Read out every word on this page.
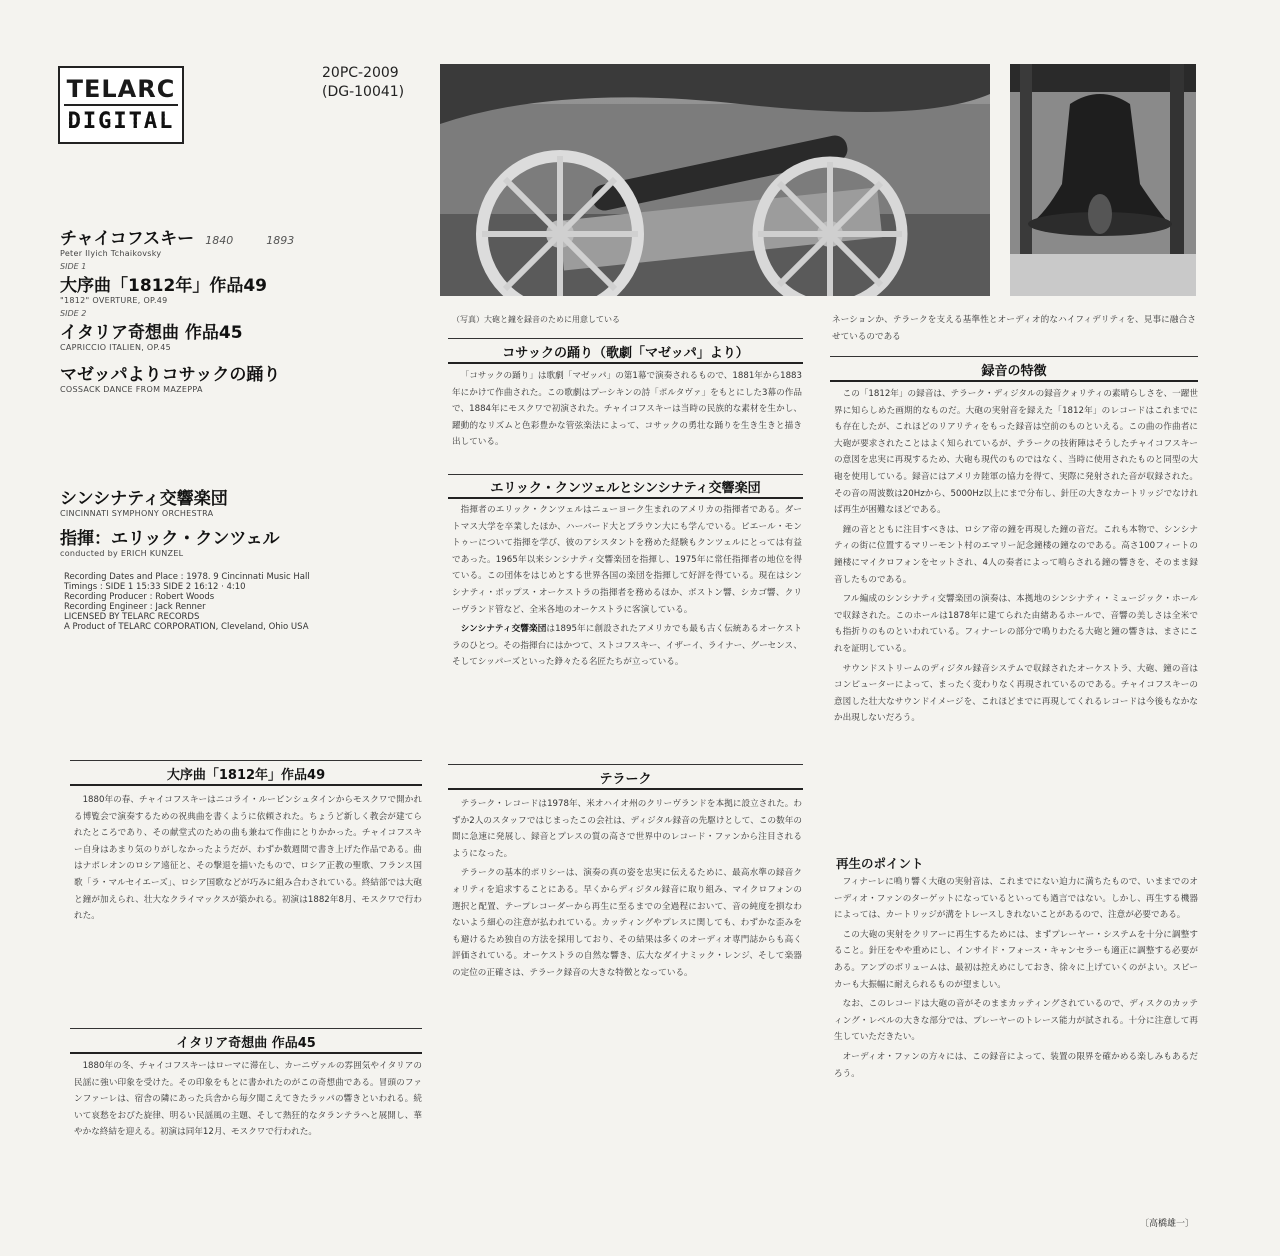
TELARC
DIGITAL
20PC-2009
(DG-10041)
チャイコフスキー 1840　　　1893
Peter Ilyich Tchaikovsky
SIDE 1
大序曲「1812年」作品49
"1812" OVERTURE, OP.49
SIDE 2
イタリア奇想曲 作品45
CAPRICCIO ITALIEN, OP.45
マゼッパよりコサックの踊り
COSSACK DANCE FROM MAZEPPA
シンシナティ交響楽団
CINCINNATI SYMPHONY ORCHESTRA
指揮：エリック・クンツェル
conducted by ERICH KUNZEL
Recording Dates and Place : 1978. 9 Cincinnati Music Hall
Timings : SIDE 1 15:33 SIDE 2 16:12 · 4:10
Recording Producer : Robert Woods
Recording Engineer : Jack Renner
LICENSED BY TELARC RECORDS
A Product of TELARC CORPORATION, Cleveland, Ohio USA
大序曲「1812年」作品49

1880年の春、チャイコフスキーはニコライ・ルービンシュタインからモスクワで開かれる博覧会で演奏するための祝典曲を書くように依頼された。ちょうど新しく教会が建てられたところであり、その献堂式のための曲も兼ねて作曲にとりかかった。チャイコフスキー自身はあまり気のりがしなかったようだが、わずか数週間で書き上げた作品である。曲はナポレオンのロシア遠征と、その撃退を描いたもので、ロシア正教の聖歌、フランス国歌「ラ・マルセイエーズ」、ロシア国歌などが巧みに組み合わされている。終結部では大砲と鐘が加えられ、壮大なクライマックスが築かれる。初演は1882年8月、モスクワで行われた。

イタリア奇想曲 作品45

1880年の冬、チャイコフスキーはローマに滞在し、カーニヴァルの雰囲気やイタリアの民謡に強い印象を受けた。その印象をもとに書かれたのがこの奇想曲である。冒頭のファンファーレは、宿舎の隣にあった兵舎から毎夕聞こえてきたラッパの響きといわれる。続いて哀愁をおびた旋律、明るい民謡風の主題、そして熱狂的なタランテラへと展開し、華やかな終結を迎える。初演は同年12月、モスクワで行われた。

（写真）大砲と鐘を録音のために用意している
コサックの踊り（歌劇「マゼッパ」より）

「コサックの踊り」は歌劇「マゼッパ」の第1幕で演奏されるもので、1881年から1883年にかけて作曲された。この歌劇はプーシキンの詩「ポルタヴァ」をもとにした3幕の作品で、1884年にモスクワで初演された。チャイコフスキーは当時の民族的な素材を生かし、躍動的なリズムと色彩豊かな管弦楽法によって、コサックの勇壮な踊りを生き生きと描き出している。

エリック・クンツェルとシンシナティ交響楽団

指揮者のエリック・クンツェルはニューヨーク生まれのアメリカの指揮者である。ダートマス大学を卒業したほか、ハーバード大とブラウン大にも学んでいる。ピエール・モントゥーについて指揮を学び、彼のアシスタントを務めた経験もクンツェルにとっては有益であった。1965年以来シンシナティ交響楽団を指揮し、1975年に常任指揮者の地位を得ている。この団体をはじめとする世界各国の楽団を指揮して好評を得ている。現在はシンシナティ・ポップス・オーケストラの指揮者を務めるほか、ボストン響、シカゴ響、クリーヴランド管など、全米各地のオーケストラに客演している。

シンシナティ交響楽団は1895年に創設されたアメリカでも最も古く伝統あるオーケストラのひとつ。その指揮台にはかつて、ストコフスキー、イザーイ、ライナー、グーセンス、そしてシッパーズといった錚々たる名匠たちが立っている。

テラーク

テラーク・レコードは1978年、米オハイオ州のクリーヴランドを本拠に設立された。わずか2人のスタッフではじまったこの会社は、ディジタル録音の先駆けとして、この数年の間に急速に発展し、録音とプレスの質の高さで世界中のレコード・ファンから注目されるようになった。

テラークの基本的ポリシーは、演奏の真の姿を忠実に伝えるために、最高水準の録音クォリティを追求することにある。早くからディジタル録音に取り組み、マイクロフォンの選択と配置、テープレコーダーから再生に至るまでの全過程において、音の純度を損なわないよう細心の注意が払われている。カッティングやプレスに関しても、わずかな歪みをも避けるため独自の方法を採用しており、その結果は多くのオーディオ専門誌からも高く評価されている。オーケストラの自然な響き、広大なダイナミック・レンジ、そして楽器の定位の正確さは、テラーク録音の大きな特徴となっている。

ネーションか、テラークを支える基準性とオーディオ的なハイフィデリティを、見事に融合させているのである
録音の特徴

この「1812年」の録音は、テラーク・ディジタルの録音クォリティの素晴らしさを、一躍世界に知らしめた画期的なものだ。大砲の実射音を録えた「1812年」のレコードはこれまでにも存在したが、これほどのリアリティをもった録音は空前のものといえる。この曲の作曲者に大砲が要求されたことはよく知られているが、テラークの技術陣はそうしたチャイコフスキーの意図を忠実に再現するため、大砲も現代のものではなく、当時に使用されたものと同型の大砲を使用している。録音にはアメリカ陸軍の協力を得て、実際に発射された音が収録された。その音の周波数は20Hzから、5000Hz以上にまで分布し、針圧の大きなカートリッジでなければ再生が困難なほどである。

鐘の音とともに注目すべきは、ロシア帝の鐘を再現した鐘の音だ。これも本物で、シンシナティの街に位置するマリーモント村のエマリー記念鐘楼の鐘なのである。高さ100フィートの鐘楼にマイクロフォンをセットされ、4人の奏者によって鳴らされる鐘の響きを、そのまま録音したものである。

フル編成のシンシナティ交響楽団の演奏は、本拠地のシンシナティ・ミュージック・ホールで収録された。このホールは1878年に建てられた由緒あるホールで、音響の美しさは全米でも指折りのものといわれている。フィナーレの部分で鳴りわたる大砲と鐘の響きは、まさにこれを証明している。

サウンドストリームのディジタル録音システムで収録されたオーケストラ、大砲、鐘の音はコンピューターによって、まったく変わりなく再現されているのである。チャイコフスキーの意図した壮大なサウンドイメージを、これほどまでに再現してくれるレコードは今後もなかなか出現しないだろう。

再生のポイント

フィナーレに鳴り響く大砲の実射音は、これまでにない迫力に満ちたもので、いままでのオーディオ・ファンのターゲットになっているといっても過言ではない。しかし、再生する機器によっては、カートリッジが溝をトレースしきれないことがあるので、注意が必要である。

この大砲の実射をクリアーに再生するためには、まずプレーヤー・システムを十分に調整すること。針圧をやや重めにし、インサイド・フォース・キャンセラーも適正に調整する必要がある。アンプのボリュームは、最初は控えめにしておき、徐々に上げていくのがよい。スピーカーも大振幅に耐えられるものが望ましい。

なお、このレコードは大砲の音がそのままカッティングされているので、ディスクのカッティング・レベルの大きな部分では、プレーヤーのトレース能力が試される。十分に注意して再生していただきたい。

オーディオ・ファンの方々には、この録音によって、装置の限界を確かめる楽しみもあるだろう。

〔高橋雄一〕
